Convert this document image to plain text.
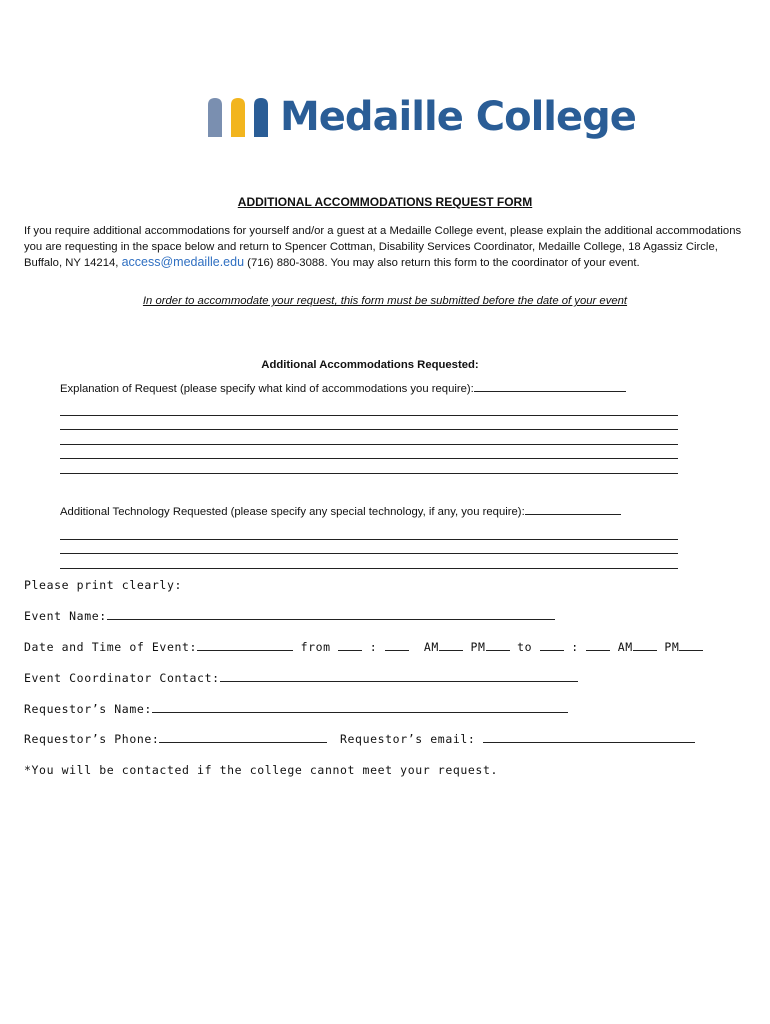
Medaille College
ADDITIONAL ACCOMMODATIONS REQUEST FORM
If you require additional accommodations for yourself and/or a guest at a Medaille College event, please explain the additional accommodations you are requesting in the space below and return to Spencer Cottman, Disability Services Coordinator, Medaille College, 18 Agassiz Circle, Buffalo, NY 14214, access@medaille.edu (716) 880-3088. You may also return this form to the coordinator of your event.
In order to accommodate your request, this form must be submitted before the date of your event
Additional Accommodations Requested:
Explanation of Request (please specify what kind of accommodations you require):
Additional Technology Requested (please specify any special technology, if any, you require):
Please print clearly:
Event Name:
Date and Time of Event:	from	:	AM	PM	to	:	AM	PM
Event Coordinator Contact:
Requestor’s Name:
Requestor’s Phone:	Requestor’s email:
*You will be contacted if the college cannot meet your request.
